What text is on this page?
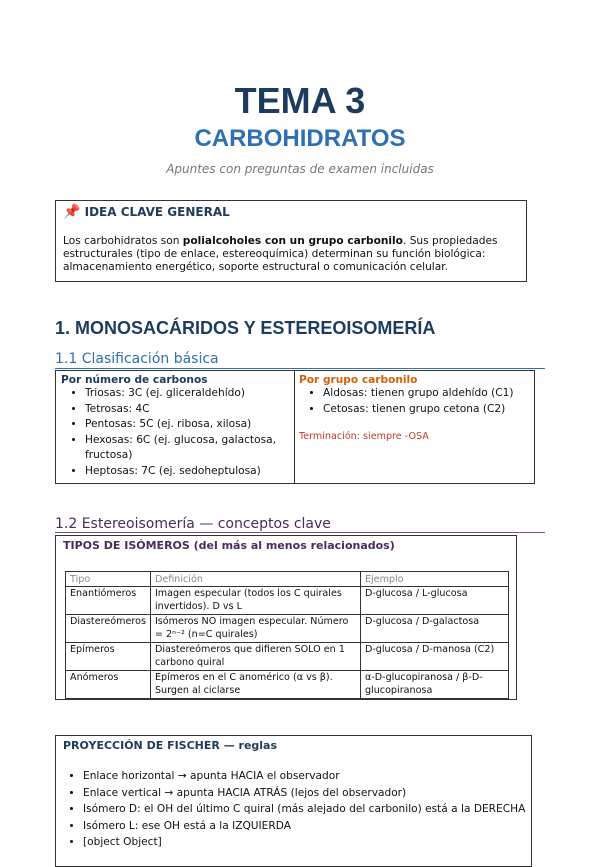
TEMA 3
CARBOHIDRATOS
Apuntes con preguntas de examen incluidas
📌 IDEA CLAVE GENERAL
Los carbohidratos son polialcoholes con un grupo carbonilo. Sus propiedades estructurales (tipo de enlace, estereoquímica) determinan su función biológica: almacenamiento energético, soporte estructural o comunicación celular.
1. MONOSACÁRIDOS Y ESTEREOISOMERÍA
1.1 Clasificación básica
Por número de carbonos
• Triosas: 3C (ej. gliceraldehído)
• Tetrosas: 4C
• Pentosas: 5C (ej. ribosa, xilosa)
• Hexosas: 6C (ej. glucosa, galactosa, fructosa)
• Heptosas: 7C (ej. sedoheptulosa)
Por grupo carbonilo
• Aldosas: tienen grupo aldehído (C1)
• Cetosas: tienen grupo cetona (C2)
Terminación: siempre -OSA
1.2 Estereoisomería — conceptos clave
TIPOS DE ISÓMEROS (del más al menos relacionados)
Tipo	Definición	Ejemplo
Enantiómeros	Imagen especular (todos los C quirales invertidos). D vs L	D-glucosa / L-glucosa
Diastereómeros	Isómeros NO imagen especular. Número = 2ⁿ⁻² (n=C quirales)	D-glucosa / D-galactosa
Epímeros	Diastereómeros que difieren SOLO en 1 carbono quiral	D-glucosa / D-manosa (C2)
Anómeros	Epímeros en el C anomérico (α vs β). Surgen al ciclarse	α-D-glucopiranosa / β-D-glucopiranosa
PROYECCIÓN DE FISCHER — reglas
• Enlace horizontal → apunta HACIA el observador
• Enlace vertical → apunta HACIA ATRÁS (lejos del observador)
• Isómero D: el OH del último C quiral (más alejado del carbonilo) está a la DERECHA
• Isómero L: ese OH está a la IZQUIERDA
• [object Object]
